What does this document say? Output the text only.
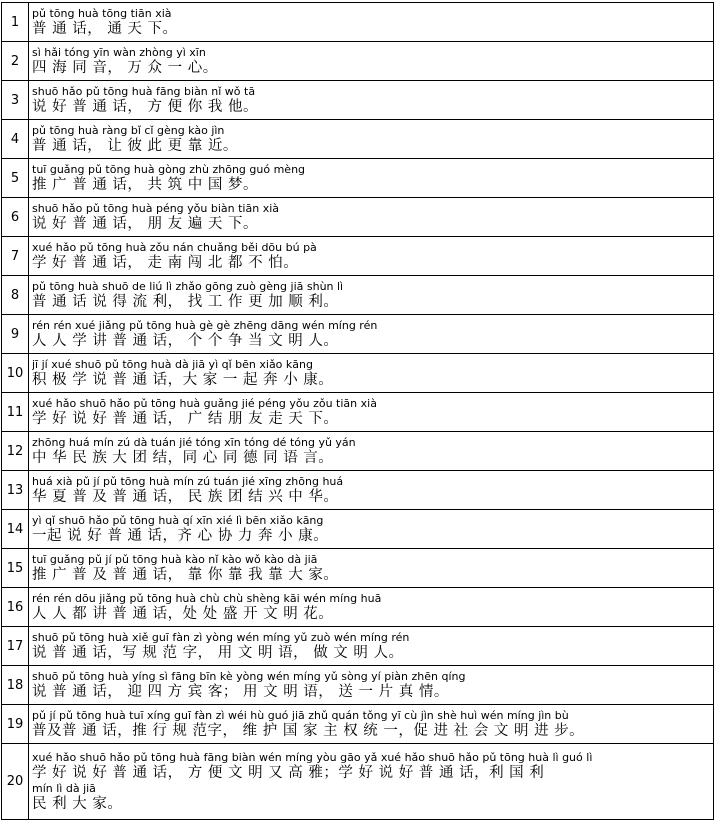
1	pǔ tōng huà tōng tiān xià
普 通 话， 通 天 下。

2	sì hǎi tóng yīn wàn zhòng yì xīn
四 海 同 音， 万 众 一 心。

3	shuō hǎo pǔ tōng huà fāng biàn nǐ wǒ tā
说 好 普 通 话， 方 便 你 我 他。

4	pǔ tōng huà ràng bǐ cǐ gèng kào jìn
普 通 话， 让 彼 此 更 靠 近。

5	tuī guǎng pǔ tōng huà gòng zhù zhōng guó mèng
推 广 普 通 话， 共 筑 中 国 梦。

6	shuō hǎo pǔ tōng huà péng yǒu biàn tiān xià
说 好 普 通 话， 朋 友 遍 天 下。

7	xué hǎo pǔ tōng huà zǒu nán chuǎng běi dōu bú pà
学 好 普 通 话， 走 南 闯 北 都 不 怕。

8	pǔ tōng huà shuō de liú lì zhǎo gōng zuò gèng jiā shùn lì
普 通 话 说 得 流 利， 找 工 作 更 加 顺 利。

9	rén rén xué jiǎng pǔ tōng huà gè gè zhēng dāng wén míng rén
人 人 学 讲 普 通 话， 个 个 争 当 文 明 人。

10	jī jí xué shuō pǔ tōng huà dà jiā yì qǐ bēn xiǎo kāng
积 极 学 说 普 通 话，大 家 一 起 奔 小 康。

11	xué hǎo shuō hǎo pǔ tōng huà guǎng jié péng yǒu zǒu tiān xià
学 好 说 好 普 通 话， 广 结 朋 友 走 天 下。

12	zhōng huá mín zú dà tuán jié tóng xīn tóng dé tóng yǔ yán
中 华 民 族 大 团 结，同 心 同 德 同 语 言。

13	huá xià pǔ jí pǔ tōng huà mín zú tuán jié xīng zhōng huá
华 夏 普 及 普 通 话， 民 族 团 结 兴 中 华。

14	yì qǐ shuō hǎo pǔ tōng huà qí xīn xié lì bēn xiǎo kāng
一起 说 好 普 通 话，齐 心 协 力 奔 小 康。

15	tuī guǎng pǔ jí pǔ tōng huà kào nǐ kào wǒ kào dà jiā
推 广 普 及 普 通 话， 靠 你 靠 我 靠 大 家。

16	rén rén dōu jiǎng pǔ tōng huà chù chù shèng kāi wén míng huā
人 人 都 讲 普 通 话，处 处 盛 开 文 明 花。

17	shuō pǔ tōng huà xiě guī fàn zì yòng wén míng yǔ zuò wén míng rén
说 普 通 话，写 规 范 字， 用 文 明 语， 做 文 明 人。

18	shuō pǔ tōng huà yíng sì fāng bīn kè yòng wén míng yǔ sòng yí piàn zhēn qíng
说 普 通 话， 迎 四 方 宾 客； 用 文 明 语， 送 一 片 真 情。

19	pǔ jí pǔ tōng huà tuī xíng guī fàn zì wéi hù guó jiā zhǔ quán tǒng yī cù jìn shè huì wén míng jìn bù
普及普 通 话，推 行 规 范字， 维 护 国 家 主 权 统 一，促 进 社 会 文 明 进 步。

20	xué hǎo shuō hǎo pǔ tōng huà fāng biàn wén míng yòu gāo yǎ xué hǎo shuō hǎo pǔ tōng huà lì guó lì
学 好 说 好 普 通 话， 方 便 文 明 又 高 雅；学 好 说 好 普 通 话，利 国 利
mín lì dà jiā
民 利 大 家。
